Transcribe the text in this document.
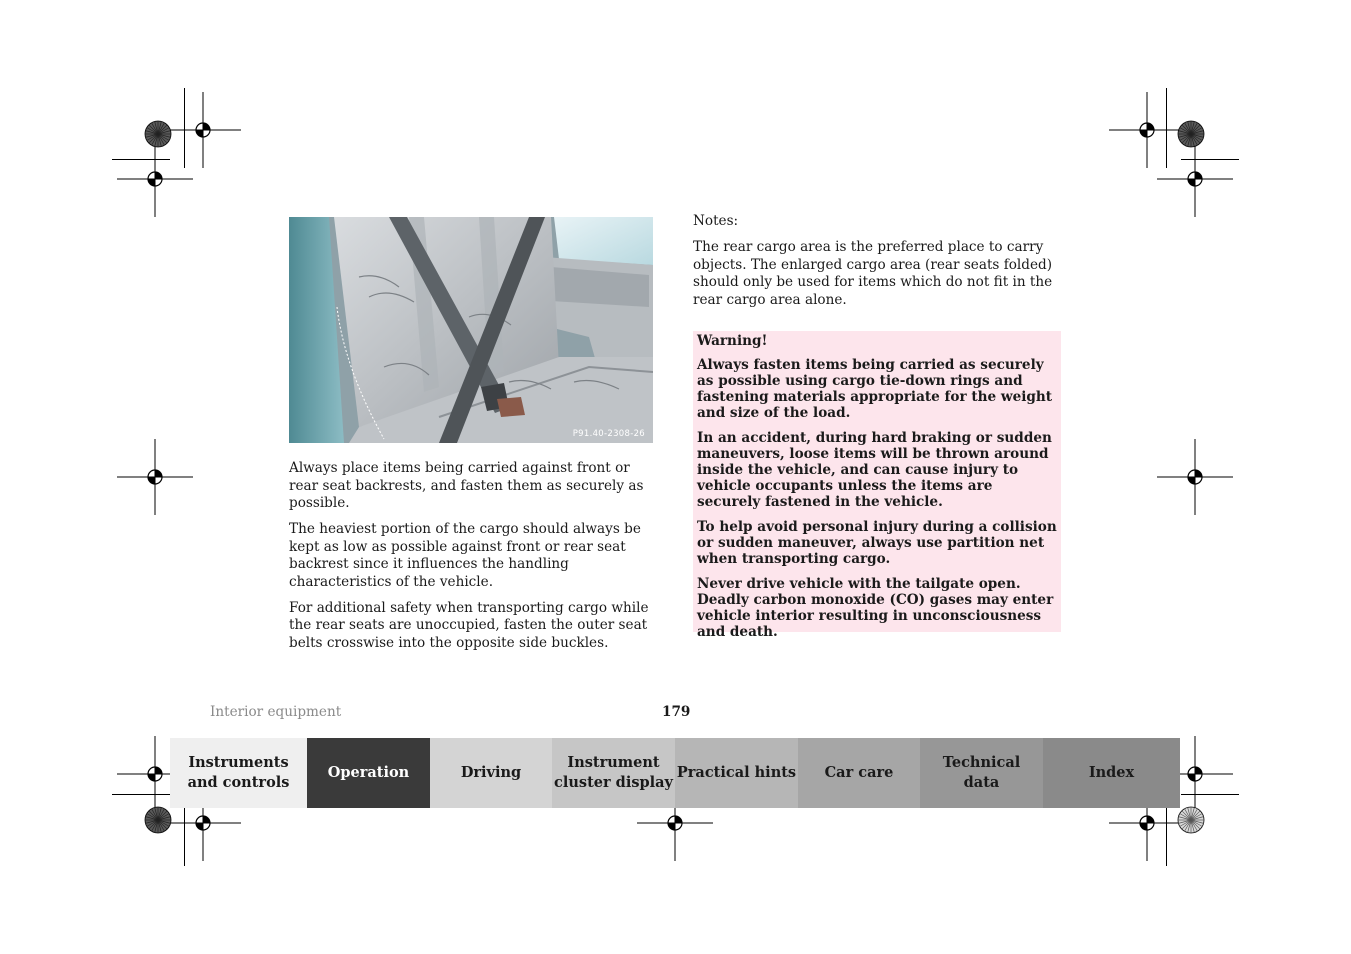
P91.40-2308-26

Always place items being carried against front or rear seat backrests, and fasten them as securely as possible.

The heaviest portion of the cargo should always be kept as low as possible against front or rear seat backrest since it influences the handling characteristics of the vehicle.

For additional safety when transporting cargo while the rear seats are unoccupied, fasten the outer seat belts crosswise into the opposite side buckles.

Notes:

The rear cargo area is the preferred place to carry objects. The enlarged cargo area (rear seats folded) should only be used for items which do not fit in the rear cargo area alone.

Warning!

Always fasten items being carried as securely as possible using cargo tie-down rings and fastening materials appropriate for the weight and size of the load.

In an accident, during hard braking or sudden maneuvers, loose items will be thrown around inside the vehicle, and can cause injury to vehicle occupants unless the items are securely fastened in the vehicle.

To help avoid personal injury during a collision or sudden maneuver, always use partition net when transporting cargo.

Never drive vehicle with the tailgate open. Deadly carbon monoxide (CO) gases may enter vehicle interior resulting in unconsciousness and death.

Interior equipment	179
Instruments
and controls
Operation	Driving
Instrument
cluster display
Practical hints Car care
Technical
data
Index
